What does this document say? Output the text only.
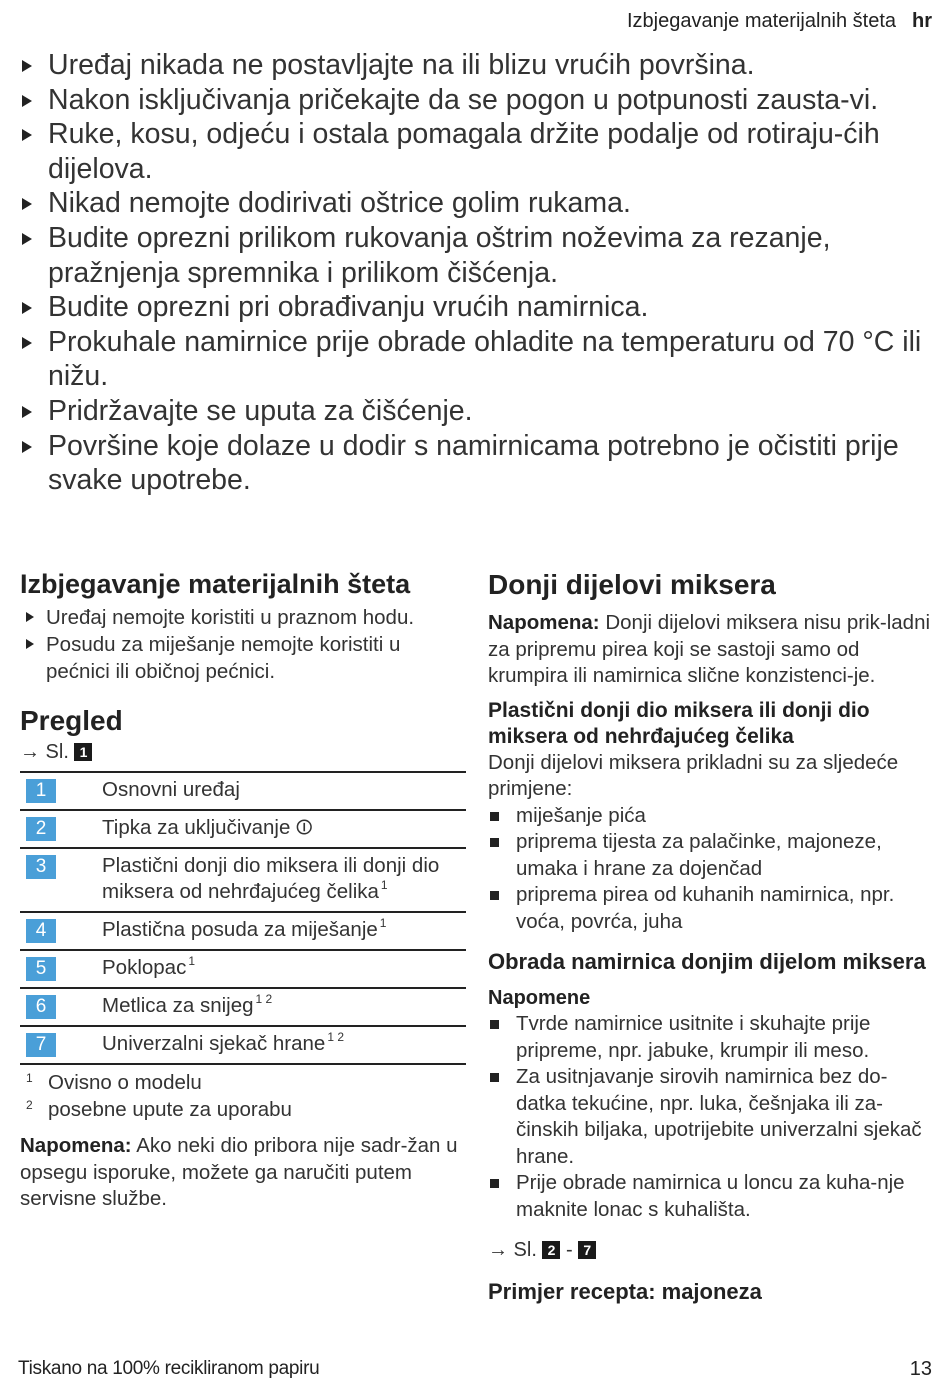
Izbjegavanje materijalnih šteta hr
Uređaj nikada ne postavljajte na ili blizu vrućih površina.
Nakon isključivanja pričekajte da se pogon u potpunosti zausta-vi.
Ruke, kosu, odjeću i ostala pomagala držite podalje od rotiraju-ćih dijelova.
Nikad nemojte dodirivati oštrice golim rukama.
Budite oprezni prilikom rukovanja oštrim noževima za rezanje, pražnjenja spremnika i prilikom čišćenja.
Budite oprezni pri obrađivanju vrućih namirnica.
Prokuhale namirnice prije obrade ohladite na temperaturu od 70 °C ili nižu.
Pridržavajte se uputa za čišćenje.
Površine koje dolaze u dodir s namirnicama potrebno je očistiti prije svake upotrebe.
Izbjegavanje materijalnih šteta
Uređaj nemojte koristiti u praznom hodu.
Posudu za miješanje nemojte koristiti u pećnici ili običnoj pećnici.
Pregled
→ Sl. 1
1	Osnovni uređaj
2	Tipka za uključivanje ⏼
3	Plastični donji dio miksera ili donji dio miksera od nehrđajućeg čelika $^1$
4	Plastična posuda za miješanje $^1$
5	Poklopac $^1$
6	Metlica za snijeg $^{1 2}$
7	Univerzalni sjekač hrane $^{1 2}$
1 Ovisno o modelu
2 posebne upute za uporabu

Napomena: Ako neki dio pribora nije sadr-žan u opsegu isporuke, možete ga naručiti putem servisne službe.

Donji dijelovi miksera

Napomena: Donji dijelovi miksera nisu prik-ladni za pripremu pirea koji se sastoji samo od krumpira ili namirnica slične konzistenci-je.

Plastični donji dio miksera ili donji dio miksera od nehrđajućeg čelika

Donji dijelovi miksera prikladni su za sljedeće primjene:

miješanje pića
priprema tijesta za palačinke, majoneze, umaka i hrane za dojenčad
priprema pirea od kuhanih namirnica, npr. voća, povrća, juha
Obrada namirnica donjim dijelom miksera
Napomene
Tvrde namirnice usitnite i skuhajte prije pripreme, npr. jabuke, krumpir ili meso.
Za usitnjavanje sirovih namirnica bez do-datka tekućine, npr. luka, češnjaka ili za-činskih biljaka, upotrijebite univerzalni sjekač hrane.
Prije obrade namirnica u loncu za kuha-nje maknite lonac s kuhališta.
→ Sl. 2 - 7
Primjer recepta: majoneza
Tiskano na 100% recikliranom papiru	13
